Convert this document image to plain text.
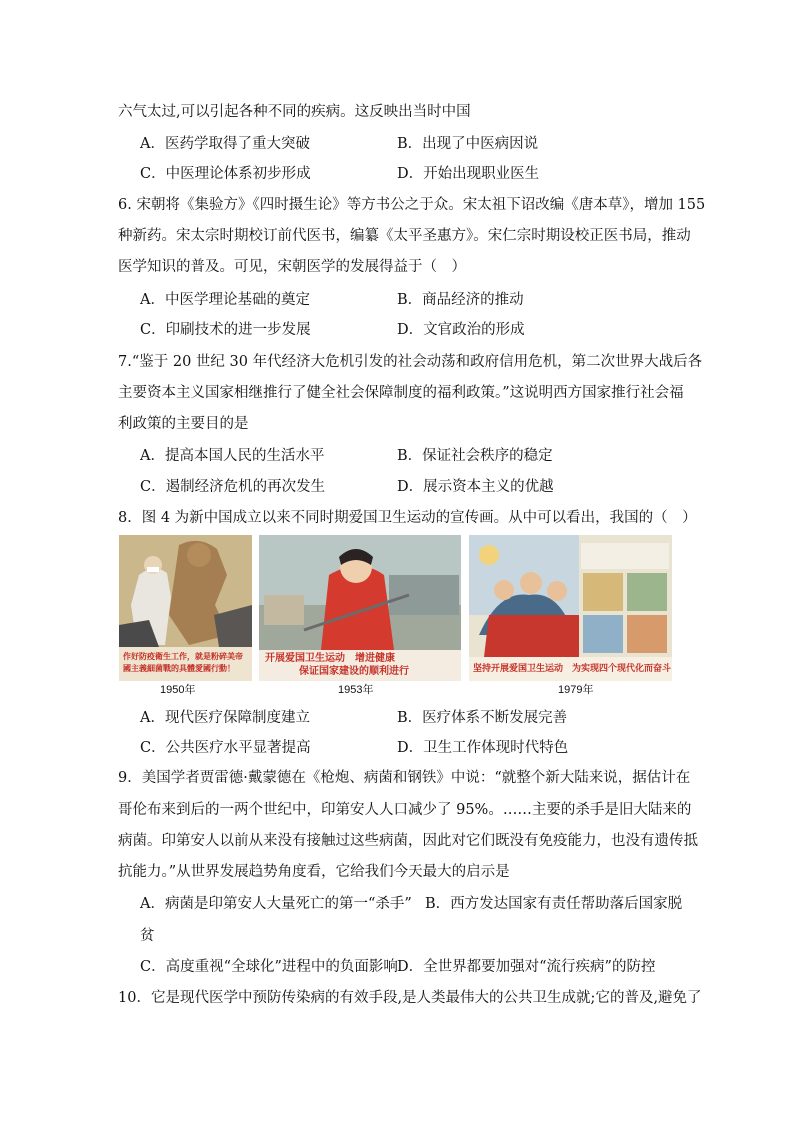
六气太过,可以引起各种不同的疾病。这反映出当时中国
A．医药学取得了重大突破	B．出现了中医病因说
C．中医理论体系初步形成	D．开始出现职业医生
6. 宋朝将《集验方》《四时摄生论》等方书公之于众。宋太祖下诏改编《唐本草》，增加 155
种新药。宋太宗时期校订前代医书，编纂《太平圣惠方》。宋仁宗时期设校正医书局，推动
医学知识的普及。可见，宋朝医学的发展得益于（　）
A．中医学理论基础的奠定	B．商品经济的推动
C．印刷技术的进一步发展	D．文官政治的形成
7.“鉴于 20 世纪 30 年代经济大危机引发的社会动荡和政府信用危机，第二次世界大战后各
主要资本主义国家相继推行了健全社会保障制度的福利政策。”这说明西方国家推行社会福
利政策的主要目的是
A．提高本国人民的生活水平	B．保证社会秩序的稳定
C．遏制经济危机的再次发生	D．展示资本主义的优越
8．图 4 为新中国成立以来不同时期爱国卫生运动的宣传画。从中可以看出，我国的（　）
作好防疫衛生工作，就是粉碎美帝
國主義細菌戰的具體愛國行動！
1950年
开展爱国卫生运动　增进健康
保证国家建设的顺利进行
1953年
坚持开展爱国卫生运动　为实现四个现代化而奋斗
1979年
A．现代医疗保障制度建立	B．医疗体系不断发展完善
C．公共医疗水平显著提高	D．卫生工作体现时代特色
9．美国学者贾雷德·戴蒙德在《枪炮、病菌和钢铁》中说：“就整个新大陆来说，据估计在
哥伦布来到后的一两个世纪中，印第安人人口减少了 95%。……主要的杀手是旧大陆来的
病菌。印第安人以前从来没有接触过这些病菌，因此对它们既没有免疫能力，也没有遗传抵
抗能力。”从世界发展趋势角度看，它给我们今天最大的启示是
A．病菌是印第安人大量死亡的第一“杀手” B．西方发达国家有责任帮助落后国家脱
贫
C．高度重视“全球化”进程中的负面影响 D．全世界都要加强对“流行疾病”的防控
10．它是现代医学中预防传染病的有效手段,是人类最伟大的公共卫生成就;它的普及,避免了
